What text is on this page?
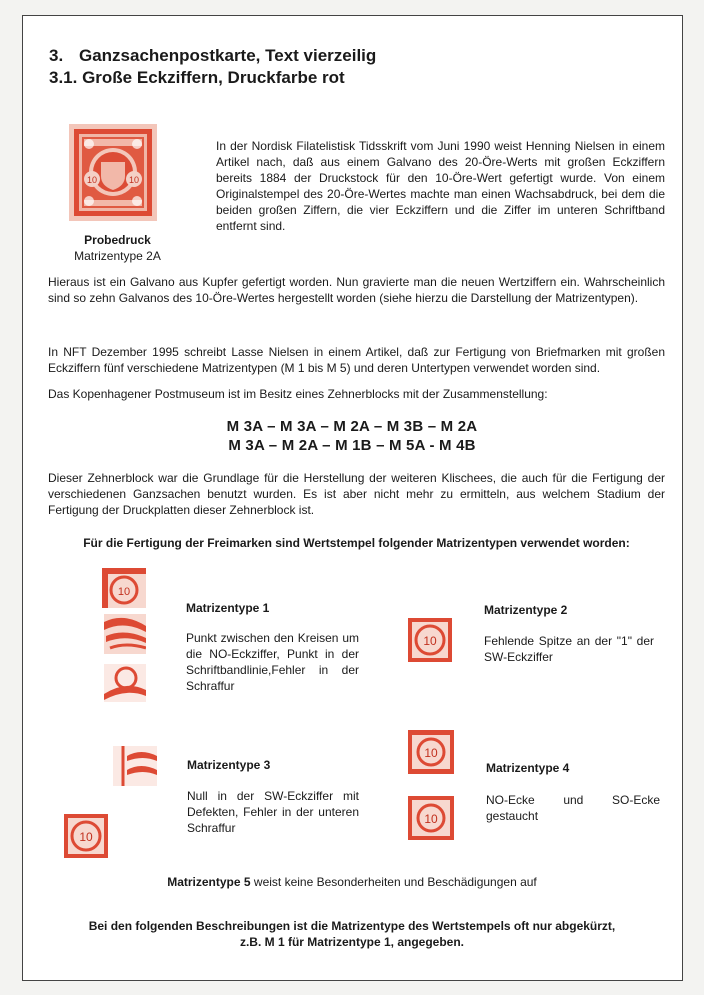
3. Ganzsachenpostkarte, Text vierzeilig
3.1. Große Eckziffern, Druckfarbe rot
10	10
Probedruck
Matrizentype 2A
In der Nordisk Filatelistisk Tidsskrift vom Juni 1990 weist Henning Nielsen in einem Artikel nach, daß aus einem Galvano des 20-Öre-Werts mit großen Eckziffern bereits 1884 der Druckstock für den 10-Öre-Wert gefertigt wurde. Von einem Originalstempel des 20-Öre-Wertes machte man einen Wachsabdruck, bei dem die beiden großen Ziffern, die vier Eckziffern und die Ziffer im unteren Schriftband entfernt sind.
Hieraus ist ein Galvano aus Kupfer gefertigt worden. Nun gravierte man die neuen Wertziffern ein. Wahrscheinlich sind so zehn Galvanos des 10-Öre-Wertes hergestellt worden (siehe hierzu die Darstellung der Matrizentypen).
In NFT Dezember 1995 schreibt Lasse Nielsen in einem Artikel, daß zur Fertigung von Briefmarken mit großen Eckziffern fünf verschiedene Matrizentypen (M 1 bis M 5) und deren Untertypen verwendet worden sind.
Das Kopenhagener Postmuseum ist im Besitz eines Zehnerblocks mit der Zusammenstellung:
M 3A – M 3A – M 2A – M 3B – M 2A
M 3A – M 2A – M 1B – M 5A - M 4B
Dieser Zehnerblock war die Grundlage für die Herstellung der weiteren Klischees, die auch für die Fertigung der verschiedenen Ganzsachen benutzt wurden. Es ist aber nicht mehr zu ermitteln, aus welchem Stadium der Fertigung der Druckplatten dieser Zehnerblock ist.
Für die Fertigung der Freimarken sind Wertstempel folgender Matrizentypen verwendet worden:
10
10
10
10
10
Matrizentype 1
Punkt zwischen den Kreisen um die NO-Eckziffer, Punkt in der Schriftbandlinie,Fehler in der Schraffur
Matrizentype 2
Fehlende Spitze an der "1" der SW-Eckziffer
Matrizentype 3
Null in der SW-Eckziffer mit Defekten, Fehler in der unteren Schraffur
Matrizentype 4
NO-Ecke und SO-Ecke gestaucht
Matrizentype 5 weist keine Besonderheiten und Beschädigungen auf
Bei den folgenden Beschreibungen ist die Matrizentype des Wertstempels oft nur abgekürzt,
z.B. M 1 für Matrizentype 1, angegeben.
